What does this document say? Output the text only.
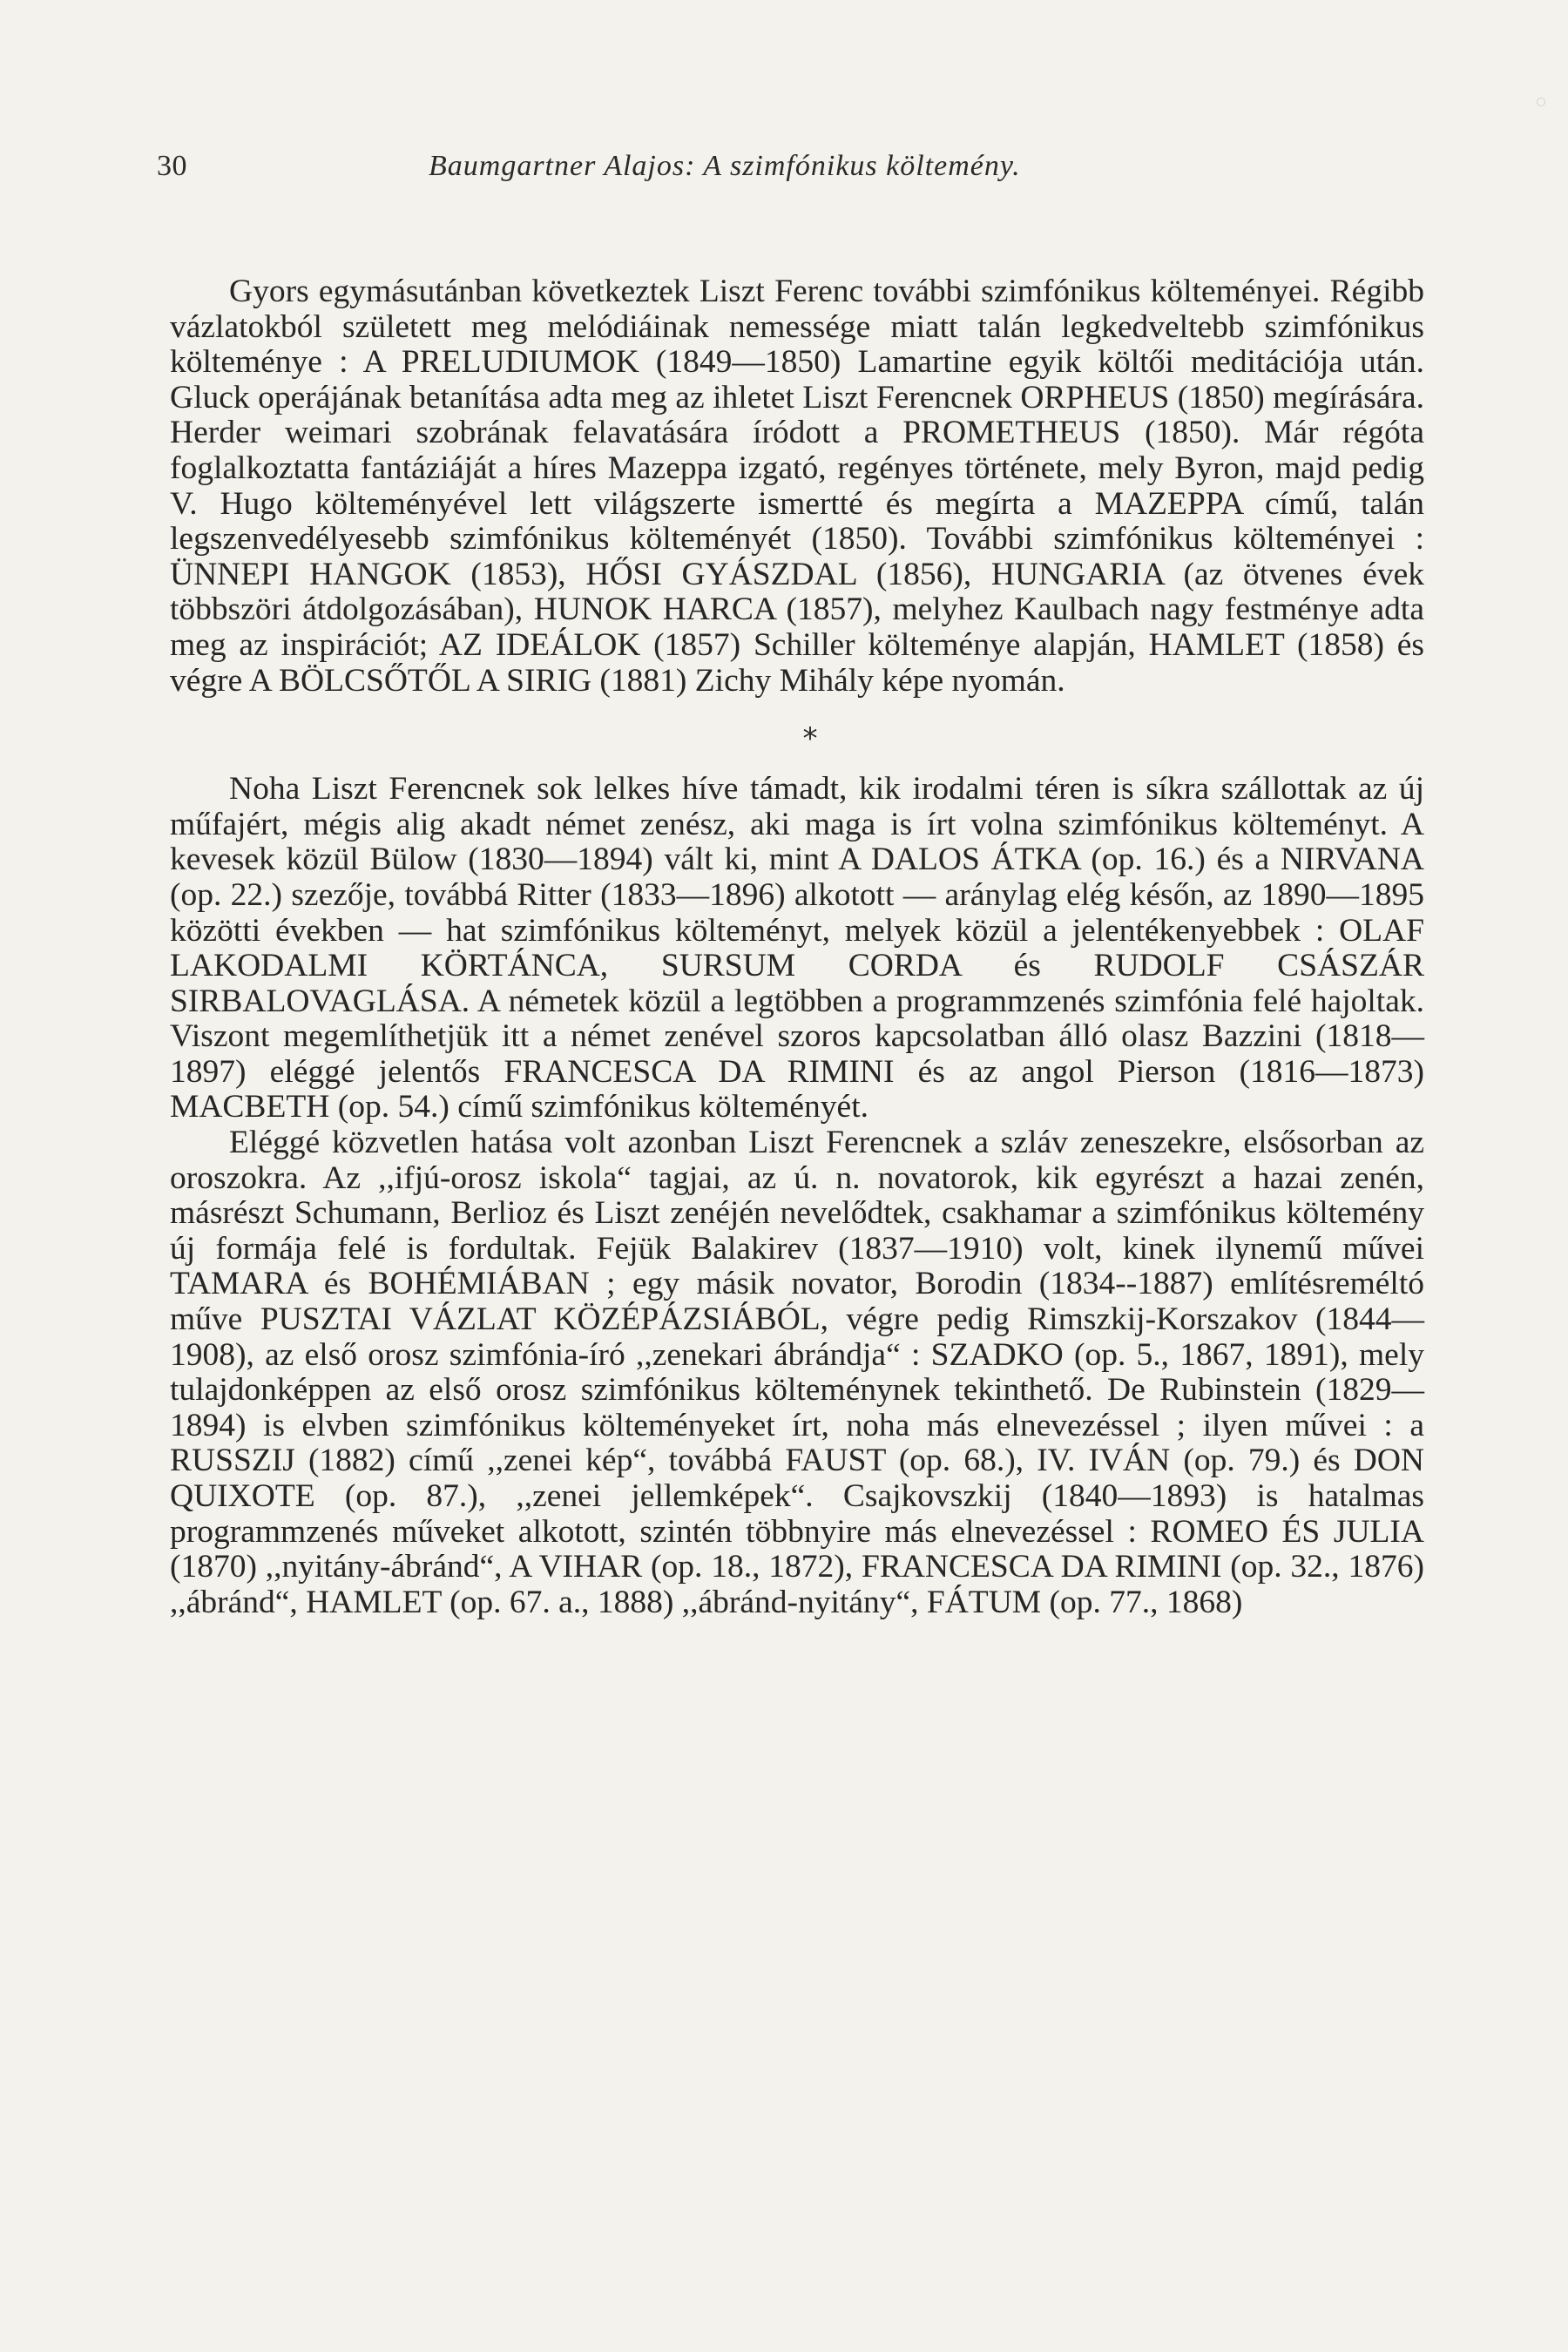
30	Baumgartner Alajos: A szimfónikus költemény.

Gyors egymásutánban következtek Liszt Ferenc további szimfónikus költeményei. Régibb vázlatokból született meg melódiáinak nemessége miatt talán legkedveltebb szimfónikus költeménye : A PRELUDIUMOK (1849—1850) Lamartine egyik költői meditációja után. Gluck operájának betanítása adta meg az ihletet Liszt Ferencnek ORPHEUS (1850) megírására. Herder weimari szobrának felavatására íródott a PROMETHEUS (1850). Már régóta foglalkoztatta fantáziáját a híres Mazeppa izgató, regényes története, mely Byron, majd pedig V. Hugo költeményével lett világszerte ismertté és megírta a MAZEPPA című, talán legszenvedélyesebb szimfónikus költeményét (1850). További szimfónikus költeményei : ÜNNEPI HANGOK (1853), HŐSI GYÁSZDAL (1856), HUNGARIA (az ötvenes évek többszöri átdolgozásában), HUNOK HARCA (1857), melyhez Kaulbach nagy festménye adta meg az inspirációt; AZ IDEÁLOK (1857) Schiller költeménye alapján, HAMLET (1858) és végre A BÖLCSŐTŐL A SIRIG (1881) Zichy Mihály képe nyomán.

*

Noha Liszt Ferencnek sok lelkes híve támadt, kik irodalmi téren is síkra szállottak az új műfajért, mégis alig akadt német zenész, aki maga is írt volna szimfónikus költeményt. A kevesek közül Bülow (1830—1894) vált ki, mint A DALOS ÁTKA (op. 16.) és a NIRVANA (op. 22.) szezője, továbbá Ritter (1833—1896) alkotott — aránylag elég későn, az 1890—1895 közötti években — hat szimfónikus költeményt, melyek közül a jelentékenyebbek : OLAF LAKODALMI KÖRTÁNCA, SURSUM CORDA és RUDOLF CSÁSZÁR SIRBALOVAGLÁSA. A németek közül a legtöbben a programmzenés szimfónia felé hajoltak. Viszont megemlíthetjük itt a német zenével szoros kapcsolatban álló olasz Bazzini (1818—1897) eléggé jelentős FRANCESCA DA RIMINI és az angol Pierson (1816—1873) MACBETH (op. 54.) című szimfónikus költeményét.

Eléggé közvetlen hatása volt azonban Liszt Ferencnek a szláv zeneszekre, elsősorban az oroszokra. Az ,,ifjú-orosz iskola“ tagjai, az ú. n. novatorok, kik egyrészt a hazai zenén, másrészt Schumann, Berlioz és Liszt zenéjén nevelődtek, csakhamar a szimfónikus költemény új formája felé is fordultak. Fejük Balakirev (1837—1910) volt, kinek ilynemű művei TAMARA és BOHÉMIÁBAN ; egy másik novator, Borodin (1834--1887) említésreméltó műve PUSZTAI VÁZLAT KÖZÉPÁZSIÁBÓL, végre pedig Rimszkij-Korszakov (1844—1908), az első orosz szimfónia-író ,,zenekari ábrándja“ : SZADKO (op. 5., 1867, 1891), mely tulajdonképpen az első orosz szimfónikus költeménynek tekinthető. De Rubinstein (1829—1894) is elvben szimfónikus költeményeket írt, noha más elnevezéssel ; ilyen művei : a RUSSZIJ (1882) című ,,zenei kép“, továbbá FAUST (op. 68.), IV. IVÁN (op. 79.) és DON QUIXOTE (op. 87.), ,,zenei jellemképek“. Csajkovszkij (1840—1893) is hatalmas programmzenés műveket alkotott, szintén többnyire más elnevezéssel : ROMEO ÉS JULIA (1870) ,,nyitány-ábránd“, A VIHAR (op. 18., 1872), FRANCESCA DA RIMINI (op. 32., 1876) ,,ábránd“, HAMLET (op. 67. a., 1888) ,,ábránd-nyitány“, FÁTUM (op. 77., 1868)
